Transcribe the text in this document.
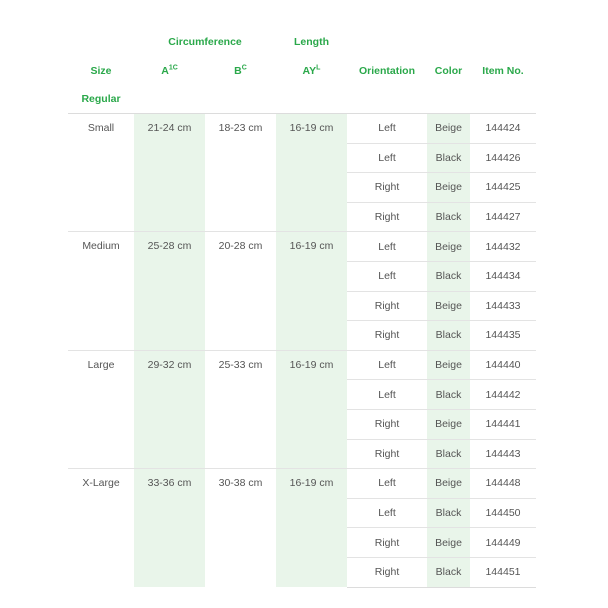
	Circumference		Length			
Size	$A^{1C}$	$B^C$	$AY^L$	Orientation	Color	Item No.
Regular						
Small	21-24 cm	18-23 cm	16-19 cm	Left	Beige	144424
				Left	Black	144426
				Right	Beige	144425
				Right	Black	144427
Medium	25-28 cm	20-28 cm	16-19 cm	Left	Beige	144432
				Left	Black	144434
				Right	Beige	144433
				Right	Black	144435
Large	29-32 cm	25-33 cm	16-19 cm	Left	Beige	144440
				Left	Black	144442
				Right	Beige	144441
				Right	Black	144443
X-Large	33-36 cm	30-38 cm	16-19 cm	Left	Beige	144448
				Left	Black	144450
				Right	Beige	144449
				Right	Black	144451
